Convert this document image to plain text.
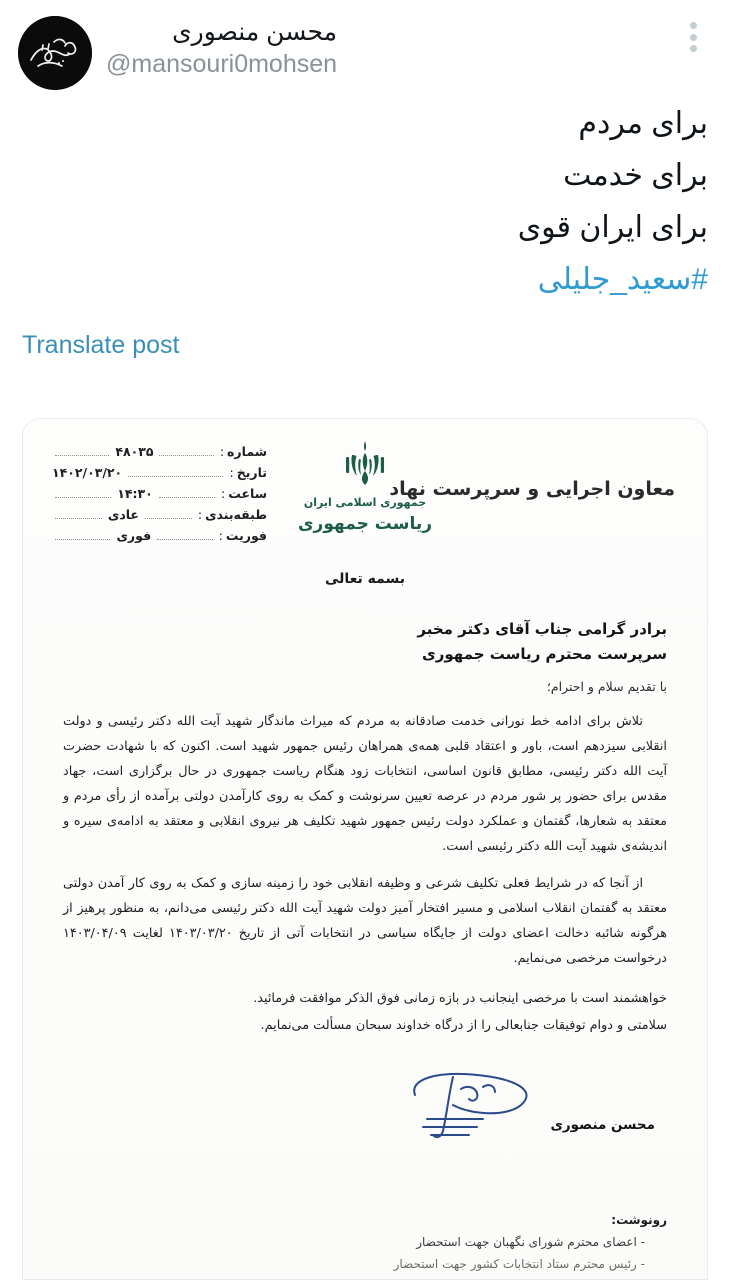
محسن منصوری
@mansouri0mohsen
برای مردم
برای خدمت
برای ایران قوی
#سعید_جلیلی
Translate post
شماره
:
۴۸۰۳۵
تاریخ
:
۱۴۰۲/۰۳/۲۰
ساعت
:
۱۴:۳۰
طبقه‌بندی
:
عادی
فوریت
:
فوری
جمهوری اسلامی ایران
ریاست جمهوری
معاون اجرایی و سرپرست نهاد
بسمه تعالی
برادر گرامی جناب آقای دکتر مخبر
سرپرست محترم ریاست جمهوری
با تقدیم سلام و احترام؛

تلاش برای ادامه خط نورانی خدمت صادقانه به مردم که میراث ماندگار شهید آیت الله دکتر رئیسی و دولت انقلابی سیزدهم است، باور و اعتقاد قلبی همه‌ی همراهان رئیس جمهور شهید است. اکنون که با شهادت حضرت آیت الله دکتر رئیسی، مطابق قانون اساسی، انتخابات زود هنگام ریاست جمهوری در حال برگزاری است، جهاد مقدس برای حضور پر شور مردم در عرصه تعیین سرنوشت و کمک به روی کارآمدن دولتی برآمده از رأی مردم و معتقد به شعارها، گفتمان و عملکرد دولت رئیس جمهور شهید تکلیف هر نیروی انقلابی و معتقد به ادامه‌ی سیره و اندیشه‌ی شهید آیت الله دکتر رئیسی است.

از آنجا که در شرایط فعلی تکلیف شرعی و وظیفه انقلابی خود را زمینه سازی و کمک به روی کار آمدن دولتی معتقد به گفتمان انقلاب اسلامی و مسیر افتخار آمیز دولت شهید آیت الله دکتر رئیسی می‌دانم، به منظور پرهیز از هرگونه شائبه دخالت اعضای دولت از جایگاه سیاسی در انتخابات آتی از تاریخ ۱۴۰۳/۰۳/۲۰ لغایت ۱۴۰۳/۰۴/۰۹ درخواست مرخصی می‌نمایم.

خواهشمند است با مرخصی اینجانب در بازه زمانی فوق الذکر موافقت فرمائید.
سلامتی و دوام توفیقات جنابعالی را از درگاه خداوند سبحان مسألت می‌نمایم.
محسن منصوری
رونوشت:
- اعضای محترم شورای نگهبان جهت استحضار
- رئیس محترم ستاد انتخابات کشور جهت استحضار
